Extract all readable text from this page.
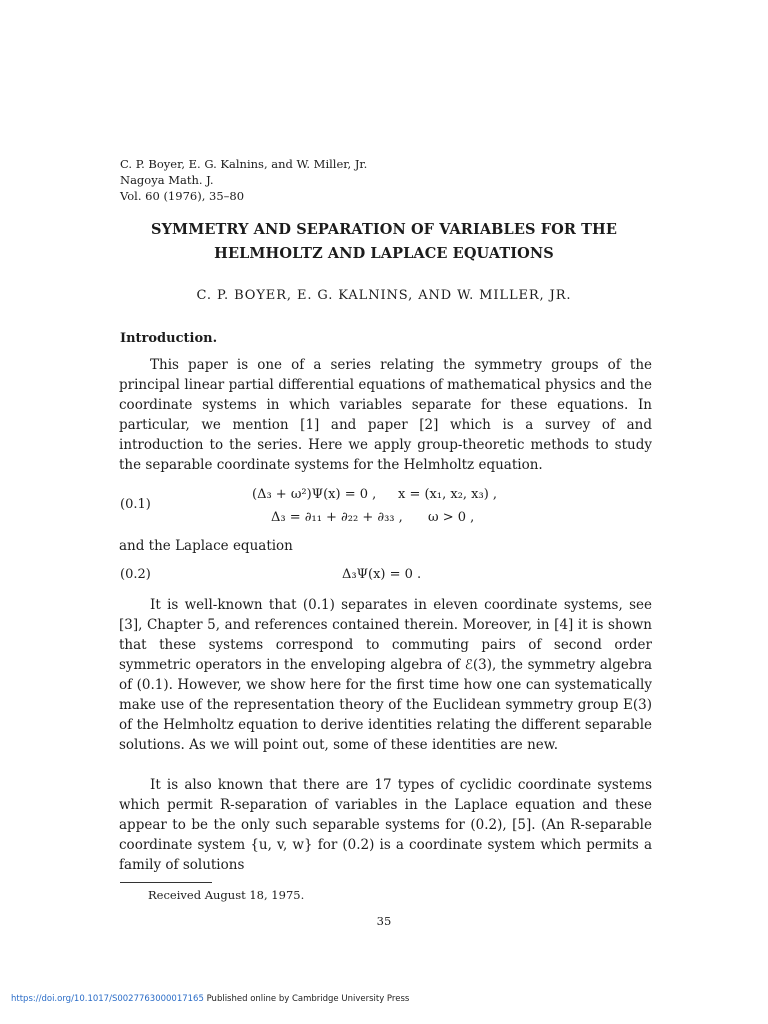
C. P. Boyer, E. G. Kalnins, and W. Miller, Jr.
Nagoya Math. J.
Vol. 60 (1976), 35–80
SYMMETRY AND SEPARATION OF VARIABLES FOR THE
HELMHOLTZ AND LAPLACE EQUATIONS
C. P. BOYER, E. G. KALNINS, AND W. MILLER, JR.
Introduction.

This paper is one of a series relating the symmetry groups of the principal linear partial differential equations of mathematical physics and the coordinate systems in which variables separate for these equations. In particular, we mention [1] and paper [2] which is a survey of and introduction to the series. Here we apply group-theoretic methods to study the separable coordinate systems for the Helmholtz equation.

(0.1)
(Δ₃ + ω²)Ψ(x) = 0 , x = (x₁, x₂, x₃) ,
Δ₃ = ∂₁₁ + ∂₂₂ + ∂₃₃ , ω > 0 ,

and the Laplace equation

(0.2)	Δ₃Ψ(x) = 0 .

It is well-known that (0.1) separates in eleven coordinate systems, see [3], Chapter 5, and references contained therein. Moreover, in [4] it is shown that these systems correspond to commuting pairs of second order symmetric operators in the enveloping algebra of ℰ(3), the symmetry algebra of (0.1). However, we show here for the first time how one can systematically make use of the representation theory of the Euclidean symmetry group E(3) of the Helmholtz equation to derive identities relating the different separable solutions. As we will point out, some of these identities are new.

It is also known that there are 17 types of cyclidic coordinate systems which permit R-separation of variables in the Laplace equation and these appear to be the only such separable systems for (0.2), [5]. (An R-separable coordinate system {u, v, w} for (0.2) is a coordinate system which permits a family of solutions

Received August 18, 1975.
35
https://doi.org/10.1017/S0027763000017165 Published online by Cambridge University Press
